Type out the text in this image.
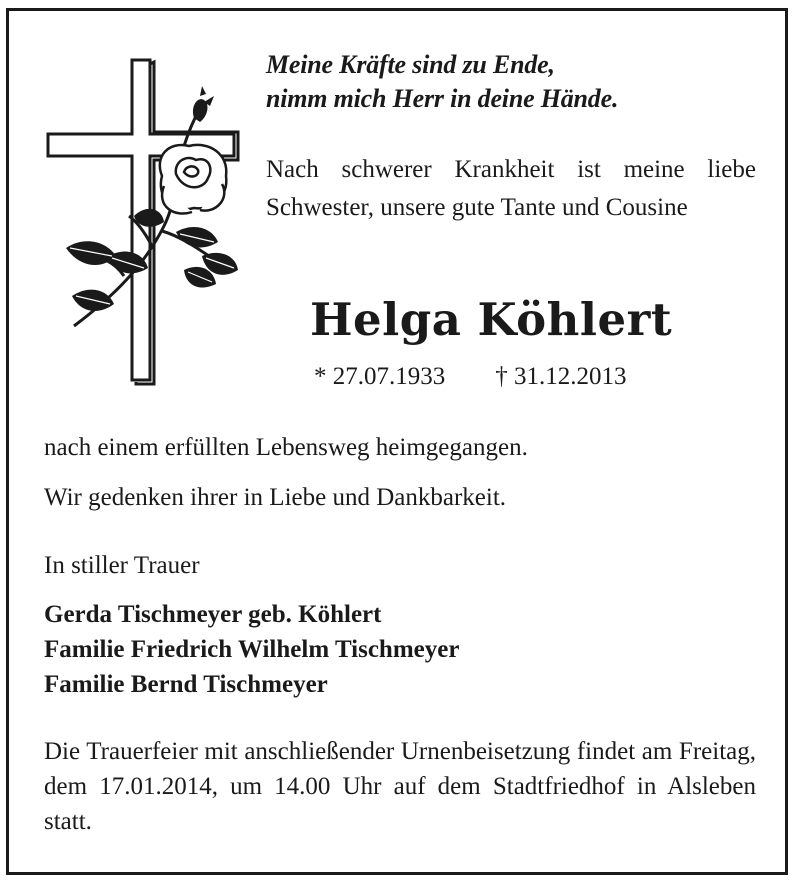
Meine Kräfte sind zu Ende,
nimm mich Herr in deine Hände.
Nach schwerer Krankheit ist meine liebe Schwester, unsere gute Tante und Cousine
Helga Köhlert
* 27.07.1933 † 31.12.2013
nach einem erfüllten Lebensweg heimgegangen.
Wir gedenken ihrer in Liebe und Dankbarkeit.
In stiller Trauer
Gerda Tischmeyer geb. Köhlert
Familie Friedrich Wilhelm Tischmeyer
Familie Bernd Tischmeyer
Die Trauerfeier mit anschließender Urnenbeisetzung findet am Freitag, dem 17.01.2014, um 14.00 Uhr auf dem Stadtfriedhof in Alsleben statt.
